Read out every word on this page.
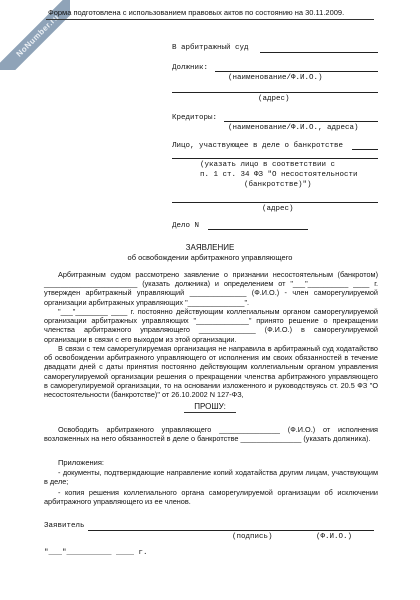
NoNumber.ru
Форма подготовлена с использованием правовых актов по состоянию на 30.11.2009.
В арбитражный суд
Должник:
(наименование/Ф.И.О.)
(адрес)
Кредиторы:
(наименование/Ф.И.О., адреса)
Лицо, участвующее в деле о банкротстве
(указать лицо в соответствии с
п. 1 ст. 34 ФЗ "О несостоятельности
(банкротстве)")
(адрес)
Дело N
ЗАЯВЛЕНИЕ
об освобождении арбитражного управляющего
Арбитражным судом рассмотрено заявление о признании несостоятельным (банкротом) _______________________ (указать должника) и определением от "___"__________ ____ г. утвержден арбитражный управляющий ______________ (Ф.И.О.) - член саморегулируемой организации арбитражных управляющих "______________".
"___"________ ____ г. постоянно действующим коллегиальным органом саморегулируемой организации арбитражных управляющих "_____________" принято решение о прекращении членства арбитражного управляющего ______________ (Ф.И.О.) в саморегулируемой организации в связи с его выходом из этой организации.
В связи с тем саморегулируемая организация не направила в арбитражный суд ходатайство об освобождении арбитражного управляющего от исполнения им своих обязанностей в течение двадцати дней с даты принятия постоянно действующим коллегиальным органом управления саморегулируемой организации решения о прекращении членства арбитражного управляющего в саморегулируемой организации, то на основании изложенного и руководствуясь ст. 20.5 ФЗ "О несостоятельности (банкротстве)" от 26.10.2002 N 127-ФЗ,
ПРОШУ:
Освободить арбитражного управляющего _______________ (Ф.И.О.) от исполнения возложенных на него обязанностей в деле о банкротстве _______________ (указать должника).
Приложения:
- документы, подтверждающие направление копий ходатайства другим лицам, участвующим в деле;
- копия решения коллегиального органа саморегулируемой организации об исключении арбитражного управляющего из ее членов.
Заявитель
(подпись)	(Ф.И.О.)
"___"__________ ____ г.
